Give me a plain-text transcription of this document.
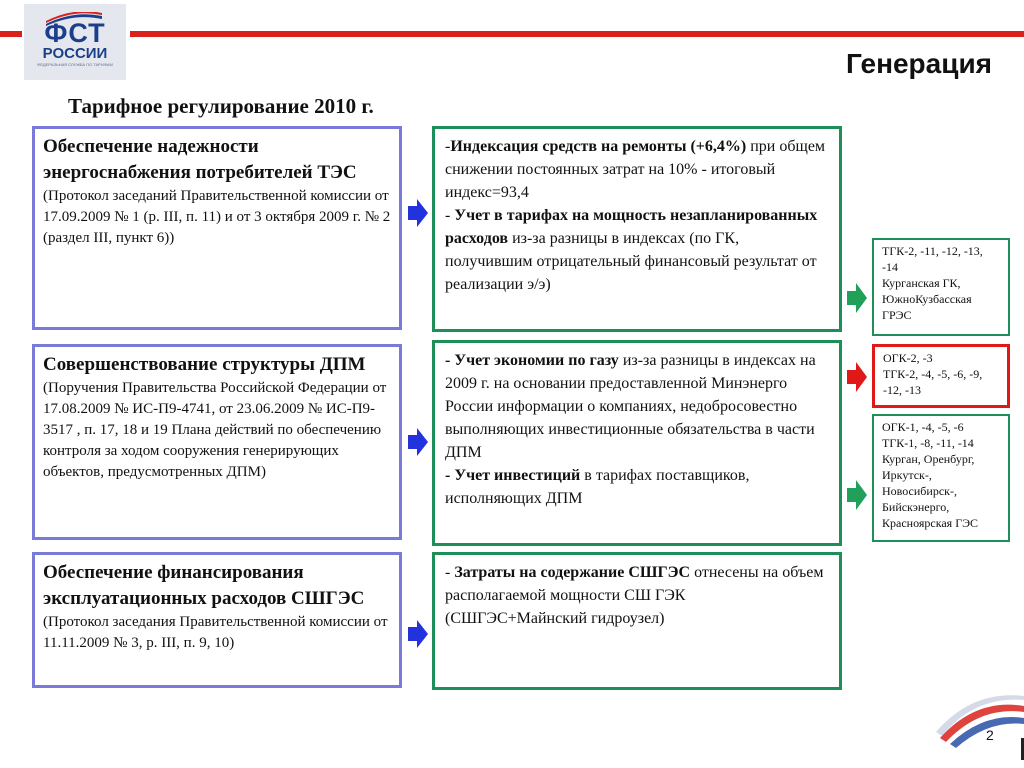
ФСТ
РОССИИ
ФЕДЕРАЛЬНАЯ СЛУЖБА ПО ТАРИФАМ	Генерация
Тарифное регулирование 2010 г.
Обеспечение надежности энергоснабжения потребителей ТЭС
(Протокол заседаний Правительственной комиссии от 17.09.2009 № 1 (р. III, п. 11) и от 3 октября 2009 г. № 2 (раздел III, пункт 6))
Совершенствование структуры ДПМ
(Поручения Правительства Российской Федерации от 17.08.2009 № ИС-П9-4741, от 23.06.2009 № ИС-П9-3517 , п. 17, 18 и 19 Плана действий по обеспечению контроля за ходом сооружения генерирующих объектов, предусмотренных ДПМ)
Обеспечение финансирования эксплуатационных расходов СШГЭС
(Протокол заседания Правительственной комиссии от 11.11.2009 № 3, р. III, п. 9, 10)

-Индексация средств на ремонты (+6,4%) при общем снижении постоянных затрат на 10% - итоговый индекс=93,4

- Учет в тарифах на мощность незапланированных расходов из-за разницы в индексах (по ГК, получившим отрицательный финансовый результат от реализации э/э)

- Учет экономии по газу из-за разницы в индексах на 2009 г. на основании предоставленной Минэнерго России информации о компаниях, недобросовестно выполняющих инвестиционные обязательства в части ДПМ

- Учет инвестиций в тарифах поставщиков, исполняющих ДПМ

- Затраты на содержание СШГЭС отнесены на объем располагаемой мощности СШ ГЭК (СШГЭС+Майнский гидроузел)

ТГК-2, -11, -12, -13, -14

Курганская ГК,

ЮжноКузбасская ГРЭС

ОГК-2, -3

ТГК-2, -4, -5, -6, -9, -12, -13

ОГК-1, -4, -5, -6

ТГК-1, -8, -11, -14

Курган, Оренбург, Иркутск-,

Новосибирск-,

Бийскэнерго,

Красноярская ГЭС

2
